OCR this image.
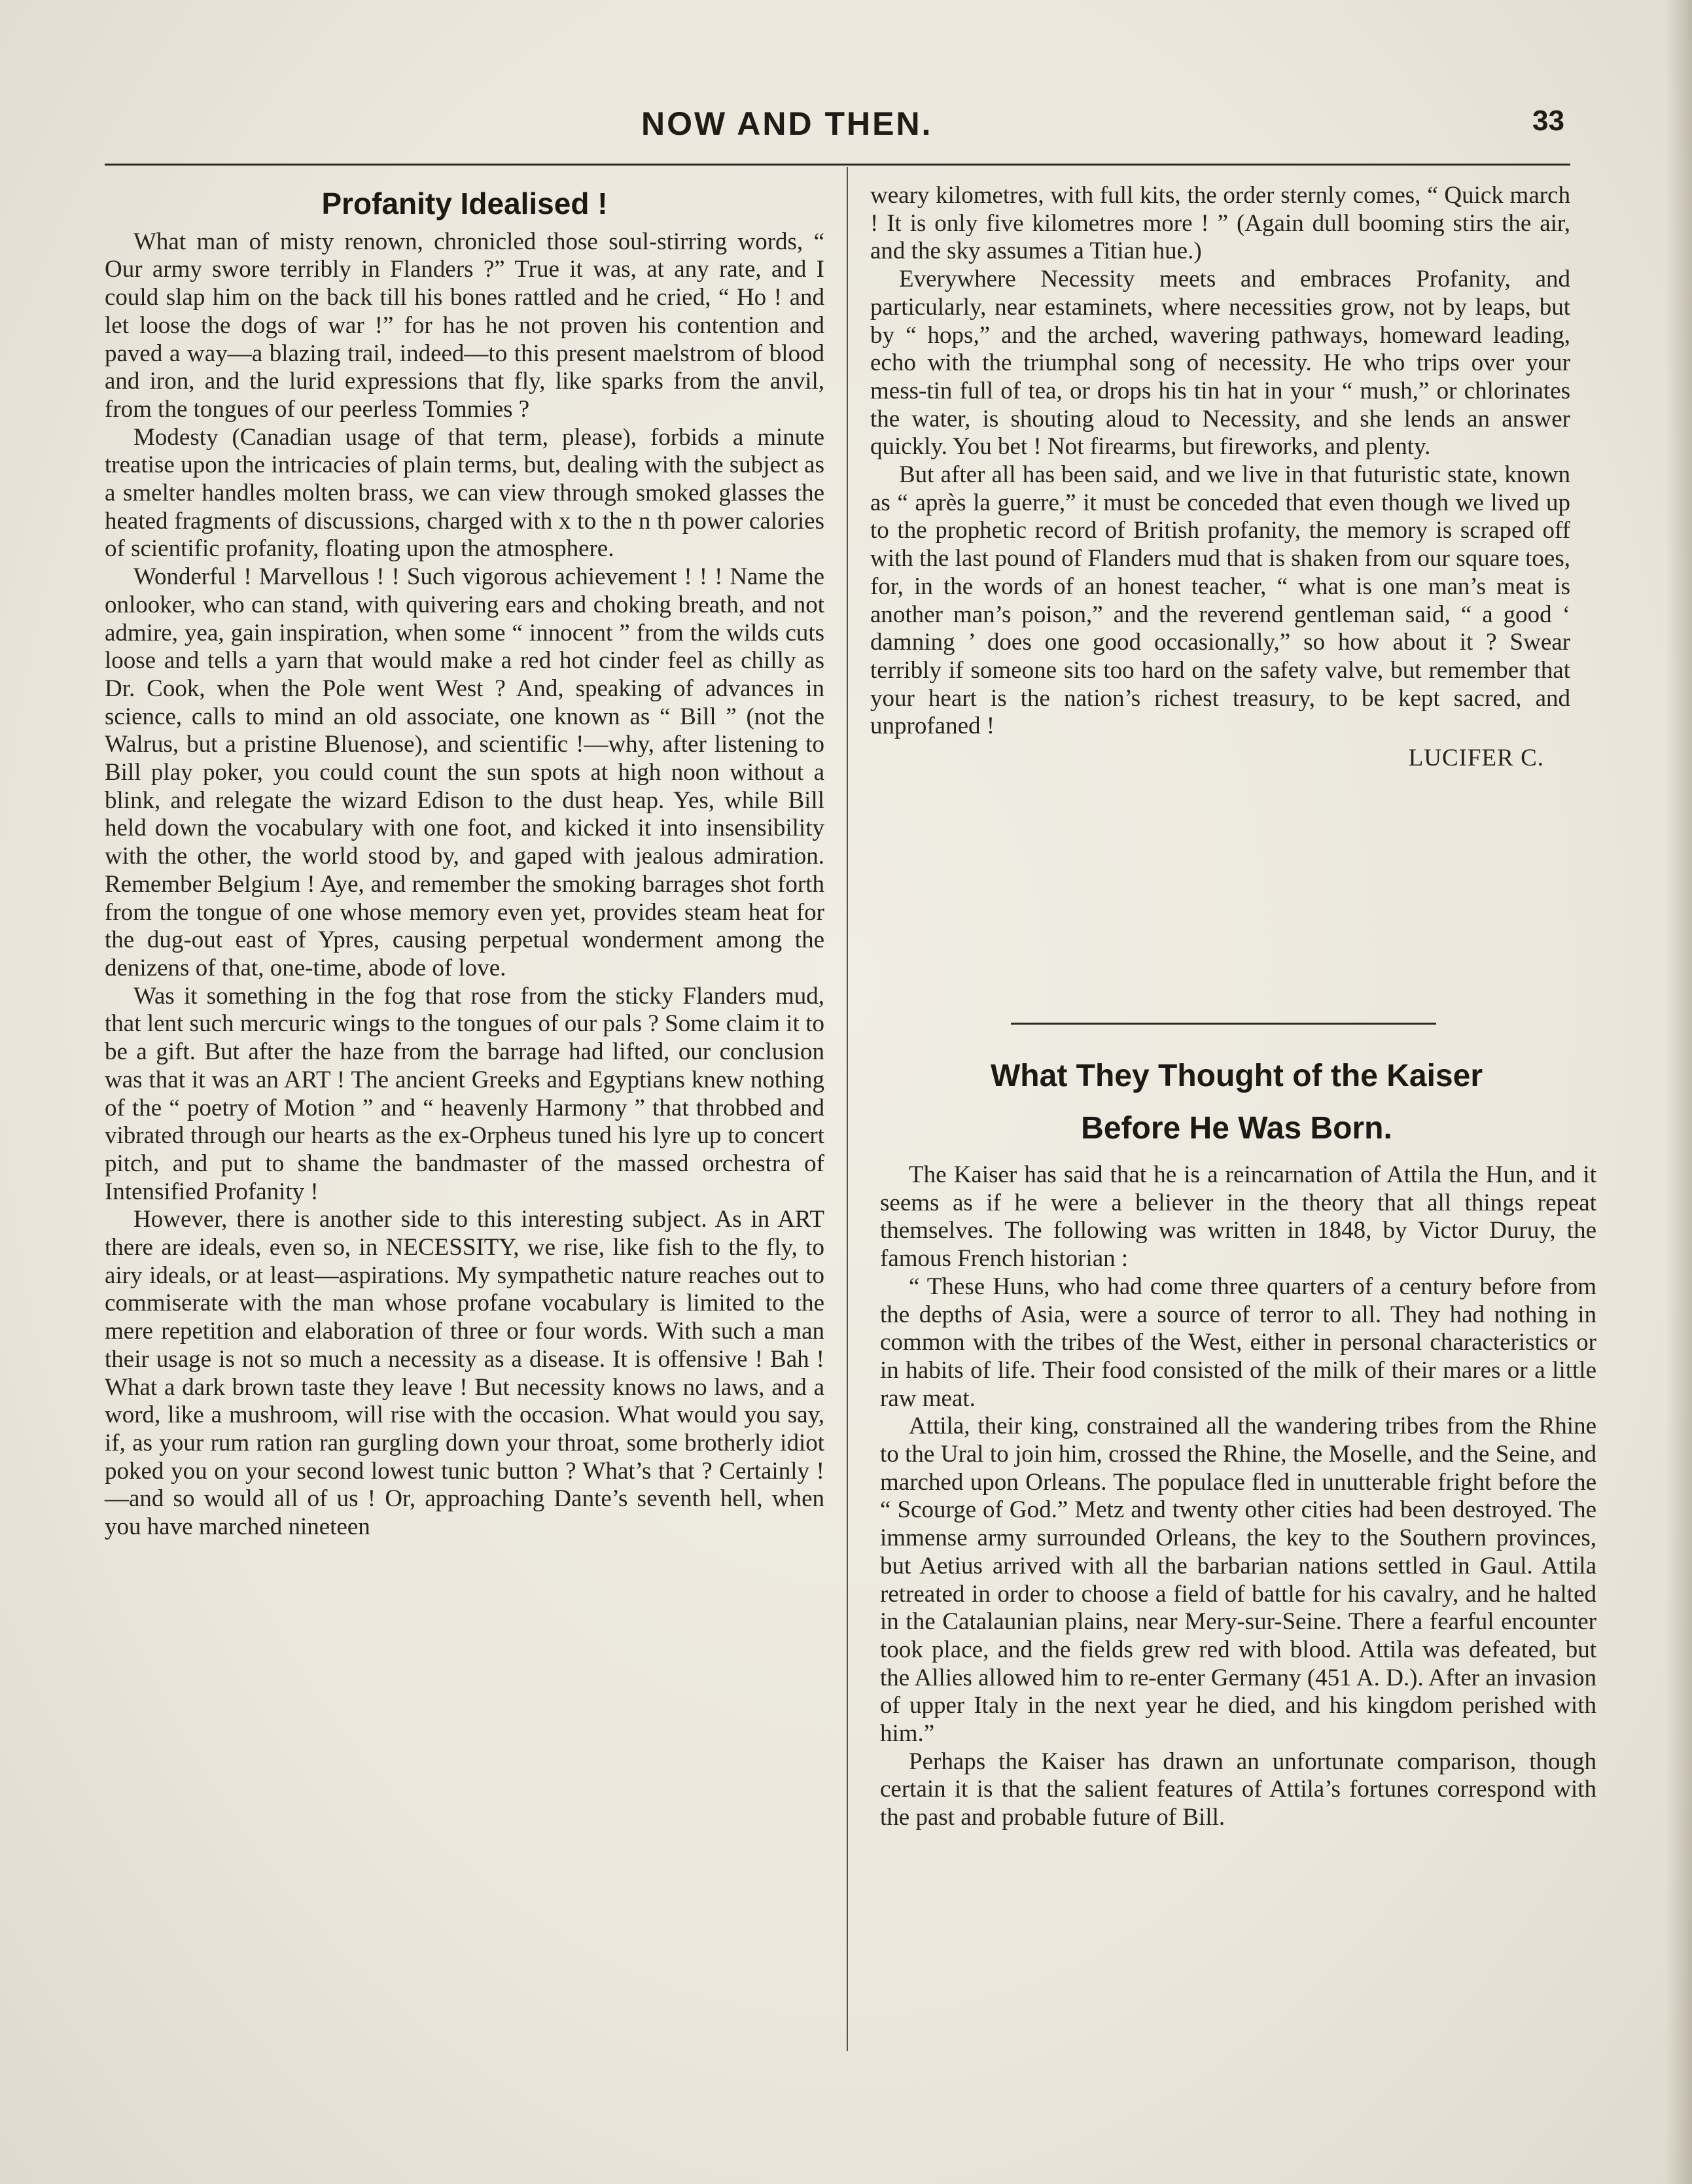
NOW AND THEN.	33
Profanity Idealised !

What man of misty renown, chronicled those soul-stirring words, “ Our army swore terribly in Flanders ?” True it was, at any rate, and I could slap him on the back till his bones rattled and he cried, “ Ho ! and let loose the dogs of war !” for has he not proven his contention and paved a way—a blazing trail, indeed—to this present maelstrom of blood and iron, and the lurid expressions that fly, like sparks from the anvil, from the tongues of our peerless Tommies ?

Modesty (Canadian usage of that term, please), forbids a minute treatise upon the intricacies of plain terms, but, dealing with the subject as a smelter handles molten brass, we can view through smoked glasses the heated fragments of discussions, charged with x to the n th power calories of scientific profanity, floating upon the atmosphere.

Wonderful ! Marvellous ! ! Such vigorous achievement ! ! ! Name the onlooker, who can stand, with quivering ears and choking breath, and not admire, yea, gain inspiration, when some “ innocent ” from the wilds cuts loose and tells a yarn that would make a red hot cinder feel as chilly as Dr. Cook, when the Pole went West ? And, speaking of advances in science, calls to mind an old associate, one known as “ Bill ” (not the Walrus, but a pristine Bluenose), and scientific !—why, after listening to Bill play poker, you could count the sun spots at high noon without a blink, and relegate the wizard Edison to the dust heap. Yes, while Bill held down the vocabulary with one foot, and kicked it into insensibility with the other, the world stood by, and gaped with jealous admiration. Remember Belgium ! Aye, and remember the smoking barrages shot forth from the tongue of one whose memory even yet, provides steam heat for the dug-out east of Ypres, causing perpetual wonderment among the denizens of that, one-time, abode of love.

Was it something in the fog that rose from the sticky Flanders mud, that lent such mercuric wings to the tongues of our pals ? Some claim it to be a gift. But after the haze from the barrage had lifted, our conclusion was that it was an ART ! The ancient Greeks and Egyptians knew nothing of the “ poetry of Motion ” and “ heavenly Harmony ” that throbbed and vibrated through our hearts as the ex-Orpheus tuned his lyre up to concert pitch, and put to shame the bandmaster of the massed orchestra of Intensified Profanity !

However, there is another side to this interesting subject. As in ART there are ideals, even so, in NECESSITY, we rise, like fish to the fly, to airy ideals, or at least—aspirations. My sympathetic nature reaches out to commiserate with the man whose profane vocabulary is limited to the mere repetition and elaboration of three or four words. With such a man their usage is not so much a necessity as a disease. It is offensive ! Bah ! What a dark brown taste they leave ! But necessity knows no laws, and a word, like a mushroom, will rise with the occasion. What would you say, if, as your rum ration ran gurgling down your throat, some brotherly idiot poked you on your second lowest tunic button ? What’s that ? Certainly !—and so would all of us ! Or, approaching Dante’s seventh hell, when you have marched nineteen

weary kilometres, with full kits, the order sternly comes, “ Quick march ! It is only five kilometres more ! ” (Again dull booming stirs the air, and the sky assumes a Titian hue.)

Everywhere Necessity meets and embraces Profanity, and particularly, near estaminets, where necessities grow, not by leaps, but by “ hops,” and the arched, wavering pathways, homeward leading, echo with the triumphal song of necessity. He who trips over your mess-tin full of tea, or drops his tin hat in your “ mush,” or chlorinates the water, is shouting aloud to Necessity, and she lends an answer quickly. You bet ! Not firearms, but fireworks, and plenty.

But after all has been said, and we live in that futuristic state, known as “ après la guerre,” it must be conceded that even though we lived up to the prophetic record of British profanity, the memory is scraped off with the last pound of Flanders mud that is shaken from our square toes, for, in the words of an honest teacher, “ what is one man’s meat is another man’s poison,” and the reverend gentleman said, “ a good ‘ damning ’ does one good occasionally,” so how about it ? Swear terribly if someone sits too hard on the safety valve, but remember that your heart is the nation’s richest treasury, to be kept sacred, and unprofaned !

LUCIFER C.
What They Thought of the Kaiser
Before He Was Born.

The Kaiser has said that he is a reincarnation of Attila the Hun, and it seems as if he were a believer in the theory that all things repeat themselves. The following was written in 1848, by Victor Duruy, the famous French historian :

“ These Huns, who had come three quarters of a century before from the depths of Asia, were a source of terror to all. They had nothing in common with the tribes of the West, either in personal characteristics or in habits of life. Their food consisted of the milk of their mares or a little raw meat.

Attila, their king, constrained all the wandering tribes from the Rhine to the Ural to join him, crossed the Rhine, the Moselle, and the Seine, and marched upon Orleans. The populace fled in unutterable fright before the “ Scourge of God.” Metz and twenty other cities had been destroyed. The immense army surrounded Orleans, the key to the Southern provinces, but Aetius arrived with all the barbarian nations settled in Gaul. Attila retreated in order to choose a field of battle for his cavalry, and he halted in the Catalaunian plains, near Mery-sur-Seine. There a fearful encounter took place, and the fields grew red with blood. Attila was defeated, but the Allies allowed him to re-enter Germany (451 A. D.). After an invasion of upper Italy in the next year he died, and his kingdom perished with him.”

Perhaps the Kaiser has drawn an unfortunate comparison, though certain it is that the salient features of Attila’s fortunes correspond with the past and probable future of Bill.
